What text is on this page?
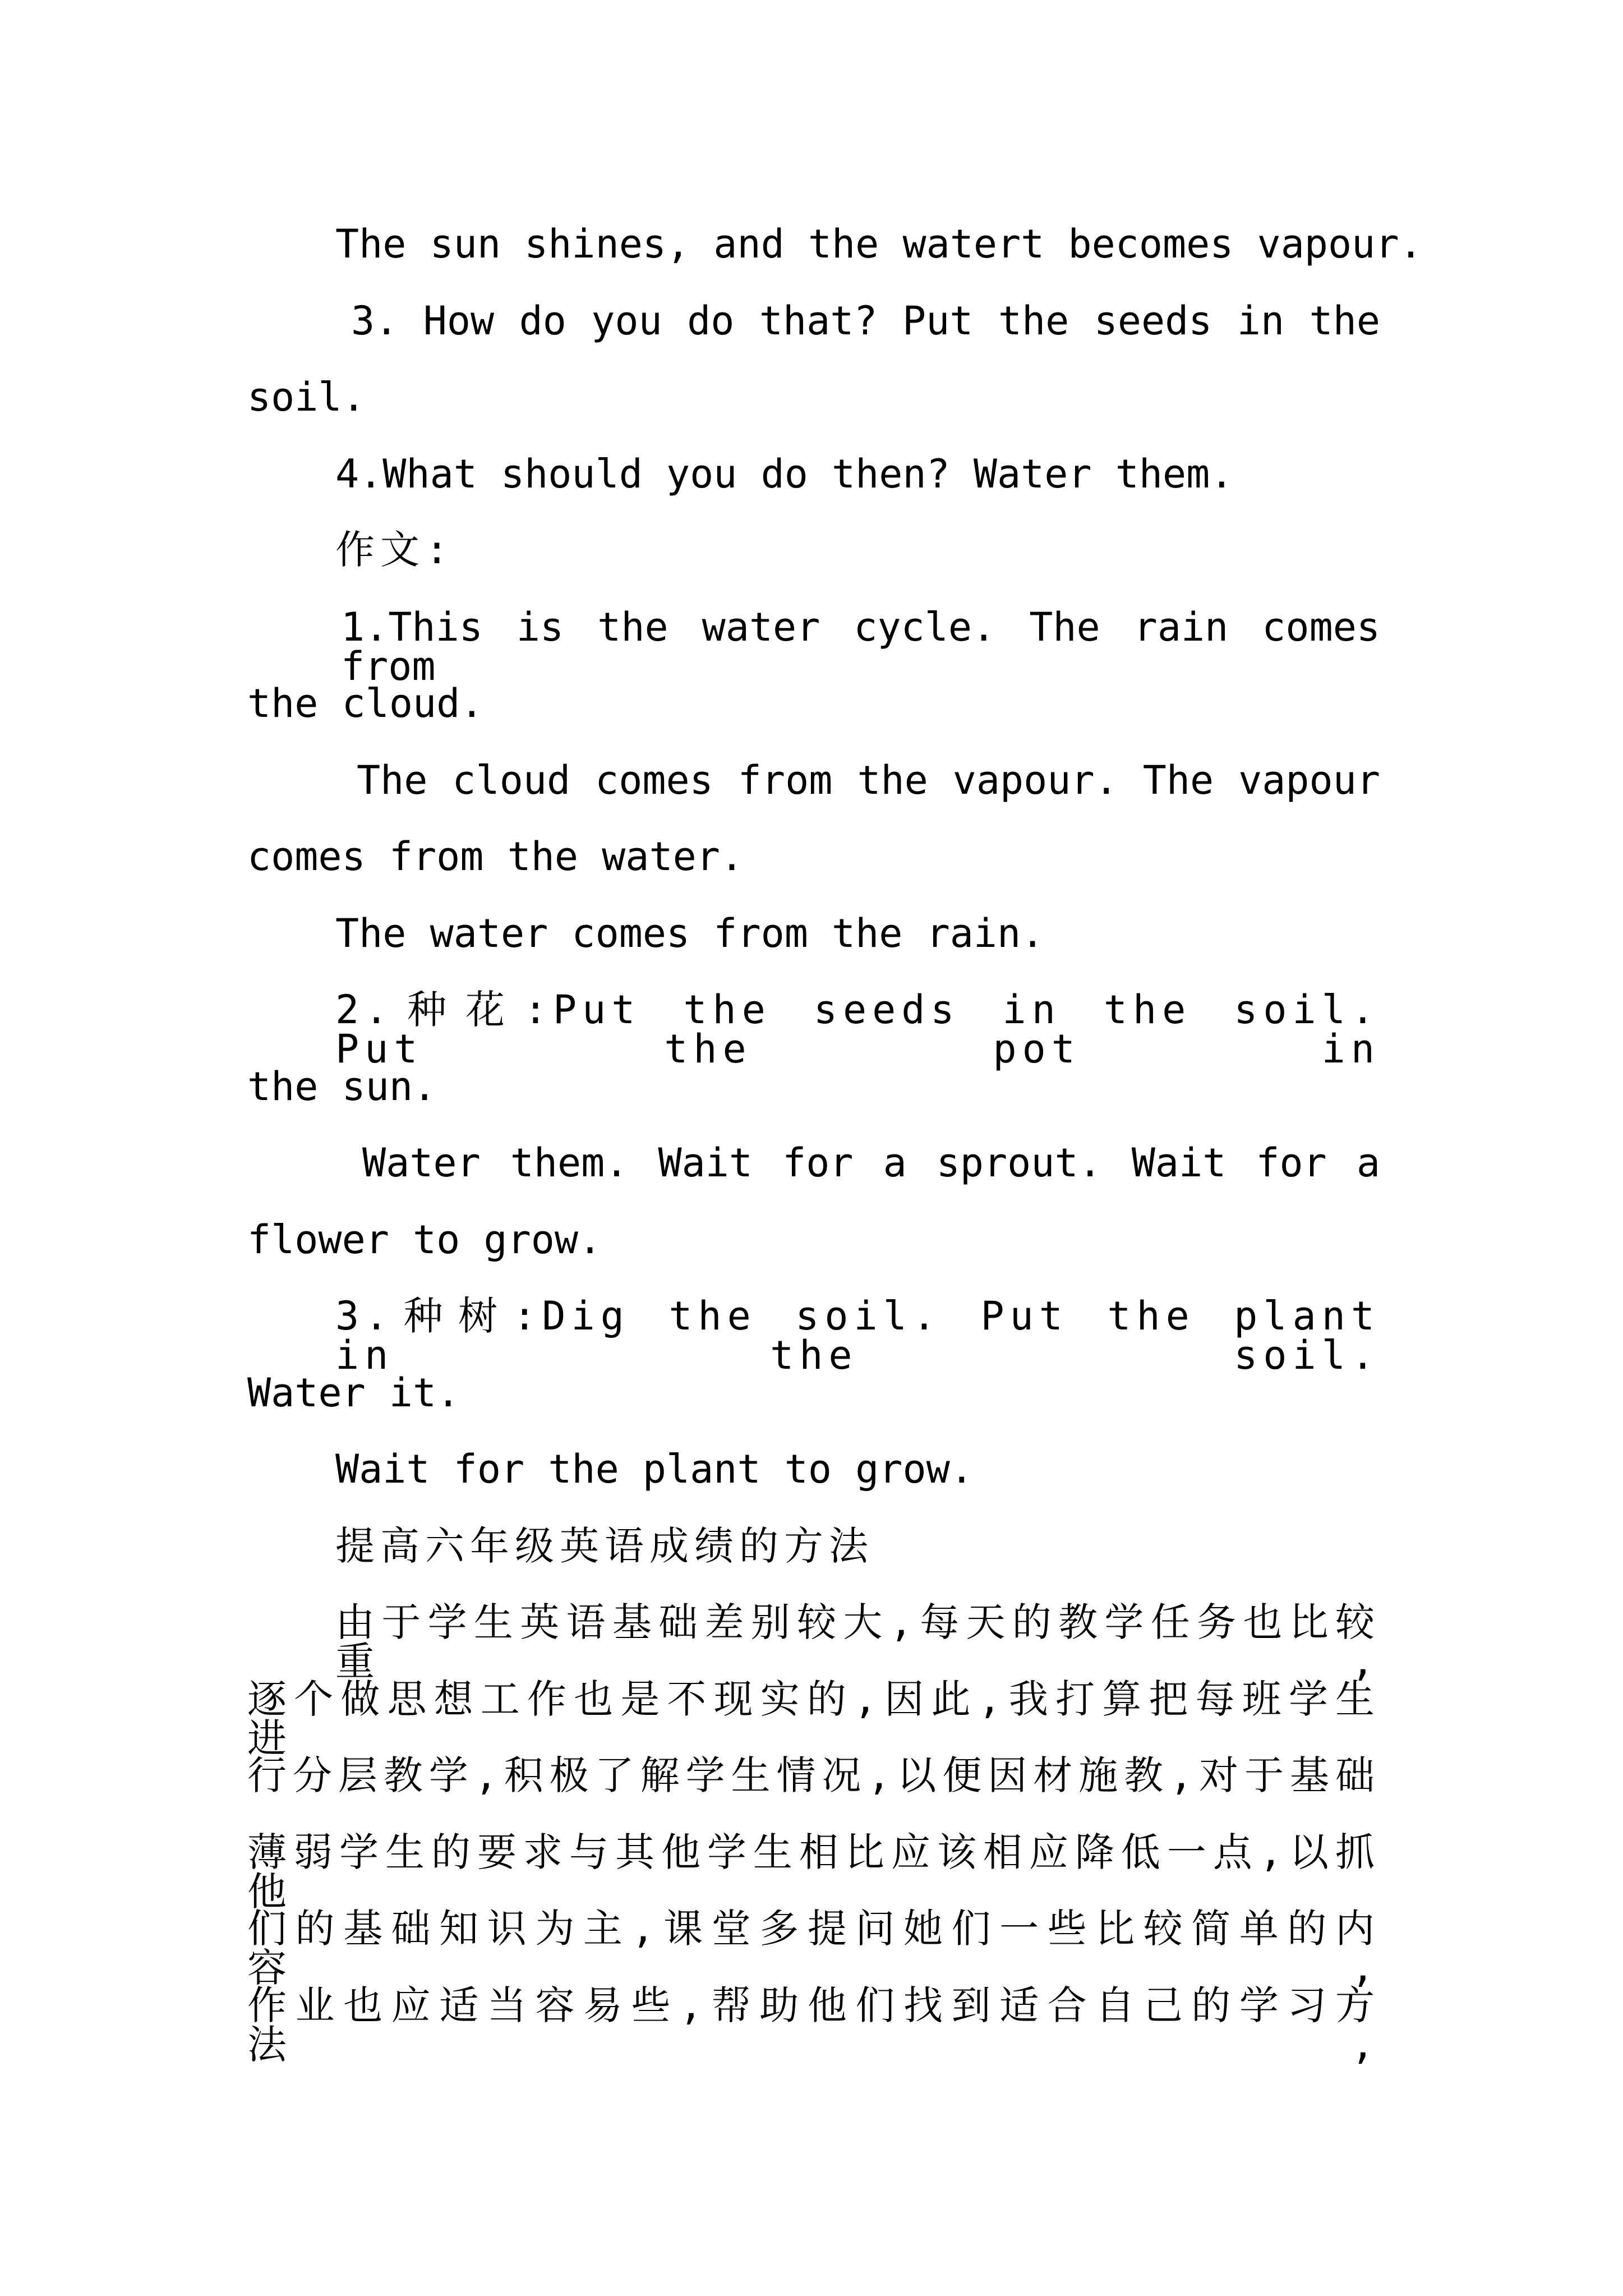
The sun shines, and the watert becomes vapour.
3. How do you do that? Put the seeds in the
soil.
4.What should you do then? Water them.
作文:
1.This is the water cycle. The rain comes from
the cloud.
The cloud comes from the vapour. The vapour
comes from the water.
The water comes from the rain.
2.种花:Put the seeds in the soil. Put the pot in
the sun.
Water them. Wait for a sprout. Wait for a
flower to grow.
3.种树:Dig the soil. Put the plant in the soil.
Water it.
Wait for the plant to grow.
提高六年级英语成绩的方法
由于学生英语基础差别较大,每天的教学任务也比较重,
逐个做思想工作也是不现实的,因此,我打算把每班学生进
行分层教学,积极了解学生情况,以便因材施教,对于基础
薄弱学生的要求与其他学生相比应该相应降低一点,以抓他
们的基础知识为主,课堂多提问她们一些比较简单的内容,
作业也应适当容易些,帮助他们找到适合自己的学习方法,
